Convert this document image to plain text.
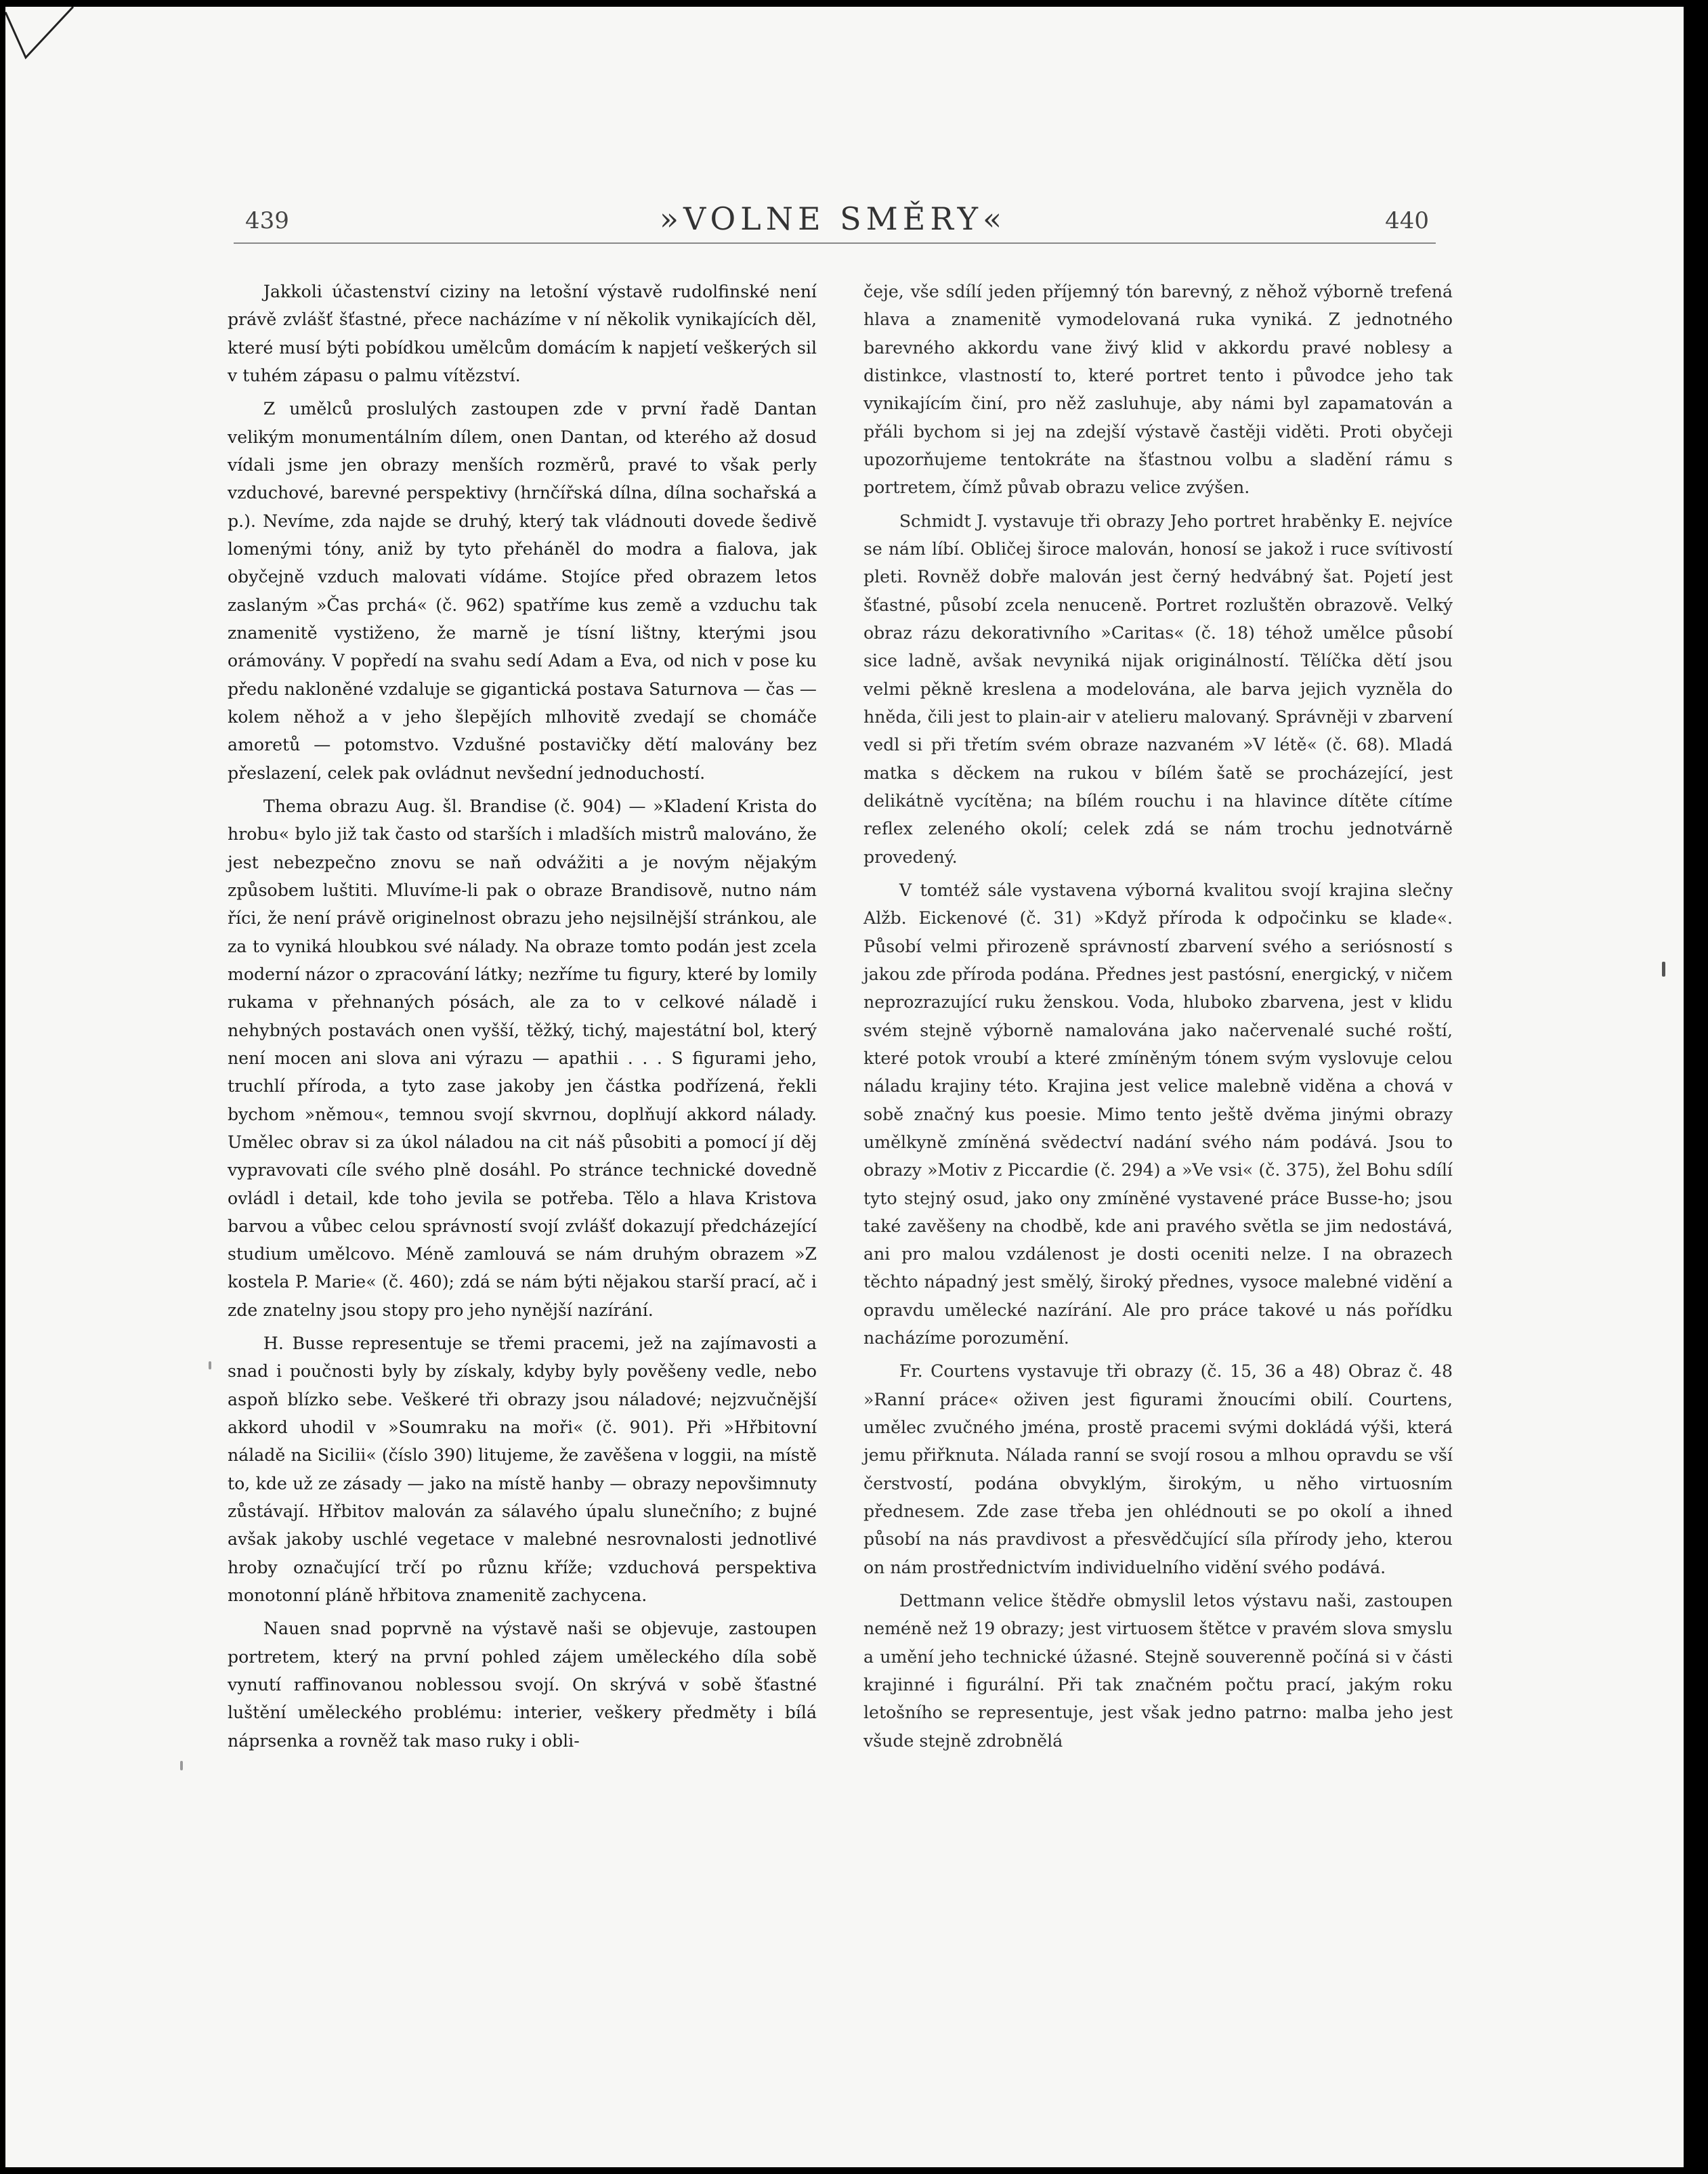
439	»VOLNE SMĚRY«	440

Jakkoli účastenství ciziny na letošní výstavě rudolfinské není právě zvlášť šťastné, přece nacházíme v ní několik vynikajících děl, které musí býti pobídkou umělcům domácím k napjetí veškerých sil v tuhém zápasu o palmu vítězství.

Z umělců proslulých zastoupen zde v první řadě Dantan velikým monumentálním dílem, onen Dantan, od kterého až dosud vídali jsme jen obrazy menších rozměrů, pravé to však perly vzduchové, barevné perspektivy (hrnčířská dílna, dílna sochařská a p.). Nevíme, zda najde se druhý, který tak vládnouti dovede šedivě lomenými tóny, aniž by tyto přeháněl do modra a fialova, jak obyčejně vzduch malovati vídáme. Stojíce před obrazem letos zaslaným »Čas prchá« (č. 962) spatříme kus země a vzduchu tak znamenitě vystiženo, že marně je tísní lištny, kterými jsou orámovány. V popředí na svahu sedí Adam a Eva, od nich v pose ku předu nakloněné vzdaluje se gigantická postava Saturnova — čas — kolem něhož a v jeho šlepějích mlhovitě zvedají se chomáče amoretů — potomstvo. Vzdušné postavičky dětí malovány bez přeslazení, celek pak ovládnut nevšední jednoduchostí.

Thema obrazu Aug. šl. Brandise (č. 904) — »Kladení Krista do hrobu« bylo již tak často od starších i mladších mistrů malováno, že jest nebezpečno znovu se naň odvážiti a je novým nějakým způsobem luštiti. Mluvíme-li pak o obraze Brandisově, nutno nám říci, že není právě originelnost obrazu jeho nejsilnější stránkou, ale za to vyniká hloubkou své nálady. Na obraze tomto podán jest zcela moderní názor o zpracování látky; nezříme tu figury, které by lomily rukama v přehnaných pósách, ale za to v celkové náladě i nehybných postavách onen vyšší, těžký, tichý, majestátní bol, který není mocen ani slova ani výrazu — apathii . . . S figurami jeho, truchlí příroda, a tyto zase jakoby jen částka podřízená, řekli bychom »němou«, temnou svojí skvrnou, doplňují akkord nálady. Umělec obrav si za úkol náladou na cit náš působiti a pomocí jí děj vypravovati cíle svého plně dosáhl. Po stránce technické dovedně ovládl i detail, kde toho jevila se potřeba. Tělo a hlava Kristova barvou a vůbec celou správností svojí zvlášť dokazují předcházející studium umělcovo. Méně zamlouvá se nám druhým obrazem »Z kostela P. Marie« (č. 460); zdá se nám býti nějakou starší prací, ač i zde znatelny jsou stopy pro jeho nynější nazírání.

H. Busse representuje se třemi pracemi, jež na zajímavosti a snad i poučnosti byly by získaly, kdyby byly pověšeny vedle, nebo aspoň blízko sebe. Veškeré tři obrazy jsou náladové; nejzvučnější akkord uhodil v »Soumraku na moři« (č. 901). Při »Hřbitovní náladě na Sicilii« (číslo 390) litujeme, že zavěšena v loggii, na místě to, kde už ze zásady — jako na místě hanby — obrazy nepovšimnuty zůstávají. Hřbitov malován za sálavého úpalu slunečního; z bujné avšak jakoby uschlé vegetace v malebné nesrovnalosti jednotlivé hroby označující trčí po různu kříže; vzduchová perspektiva monotonní pláně hřbitova znamenitě zachycena.

Nauen snad poprvně na výstavě naši se objevuje, zastoupen portretem, který na první pohled zájem uměleckého díla sobě vynutí raffinovanou noblessou svojí. On skrývá v sobě šťastné luštění uměleckého problému: interier, veškery předměty i bílá náprsenka a rovněž tak maso ruky i obli-

čeje, vše sdílí jeden příjemný tón barevný, z něhož výborně trefená hlava a znamenitě vymodelovaná ruka vyniká. Z jednotného barevného akkordu vane živý klid v akkordu pravé noblesy a distinkce, vlastností to, které portret tento i původce jeho tak vynikajícím činí, pro něž zasluhuje, aby námi byl zapamatován a přáli bychom si jej na zdejší výstavě častěji viděti. Proti obyčeji upozorňujeme tentokráte na šťastnou volbu a sladění rámu s portretem, čímž půvab obrazu velice zvýšen.

Schmidt J. vystavuje tři obrazy Jeho portret hraběnky E. nejvíce se nám líbí. Obličej široce malován, honosí se jakož i ruce svítivostí pleti. Rovněž dobře malován jest černý hedvábný šat. Pojetí jest šťastné, působí zcela nenuceně. Portret rozluštěn obrazově. Velký obraz rázu dekorativního »Caritas« (č. 18) téhož umělce působí sice ladně, avšak nevyniká nijak originálností. Tělíčka dětí jsou velmi pěkně kreslena a modelována, ale barva jejich vyzněla do hněda, čili jest to plain-air v atelieru malovaný. Správněji v zbarvení vedl si při třetím svém obraze nazvaném »V létě« (č. 68). Mladá matka s děckem na rukou v bílém šatě se procházející, jest delikátně vycítěna; na bílém rouchu i na hlavince dítěte cítíme reflex zeleného okolí; celek zdá se nám trochu jednotvárně provedený.

V tomtéž sále vystavena výborná kvalitou svojí krajina slečny Alžb. Eickenové (č. 31) »Když příroda k odpočinku se klade«. Působí velmi přirozeně správností zbarvení svého a seriósností s jakou zde příroda podána. Přednes jest pastósní, energický, v ničem neprozrazující ruku ženskou. Voda, hluboko zbarvena, jest v klidu svém stejně výborně namalována jako načervenalé suché roští, které potok vroubí a které zmíněným tónem svým vyslovuje celou náladu krajiny této. Krajina jest velice malebně viděna a chová v sobě značný kus poesie. Mimo tento ještě dvěma jinými obrazy umělkyně zmíněná svědectví nadání svého nám podává. Jsou to obrazy »Motiv z Piccardie (č. 294) a »Ve vsi« (č. 375), žel Bohu sdílí tyto stejný osud, jako ony zmíněné vystavené práce Busse-ho; jsou také zavěšeny na chodbě, kde ani pravého světla se jim nedostává, ani pro malou vzdálenost je dosti oceniti nelze. I na obrazech těchto nápadný jest smělý, široký přednes, vysoce malebné vidění a opravdu umělecké nazírání. Ale pro práce takové u nás pořídku nacházíme porozumění.

Fr. Courtens vystavuje tři obrazy (č. 15, 36 a 48) Obraz č. 48 »Ranní práce« oživen jest figurami žnoucími obilí. Courtens, umělec zvučného jména, prostě pracemi svými dokládá výši, která jemu přiřknuta. Nálada ranní se svojí rosou a mlhou opravdu se vší čerstvostí, podána obvyklým, širokým, u něho virtuosním přednesem. Zde zase třeba jen ohlédnouti se po okolí a ihned působí na nás pravdivost a přesvědčující síla přírody jeho, kterou on nám prostřednictvím individuelního vidění svého podává.

Dettmann velice štědře obmyslil letos výstavu naši, zastoupen neméně než 19 obrazy; jest virtuosem štětce v pravém slova smyslu a umění jeho technické úžasné. Stejně souverenně počíná si v části krajinné i figurální. Při tak značném počtu prací, jakým roku letošního se representuje, jest však jedno patrno: malba jeho jest všude stejně zdrobnělá
